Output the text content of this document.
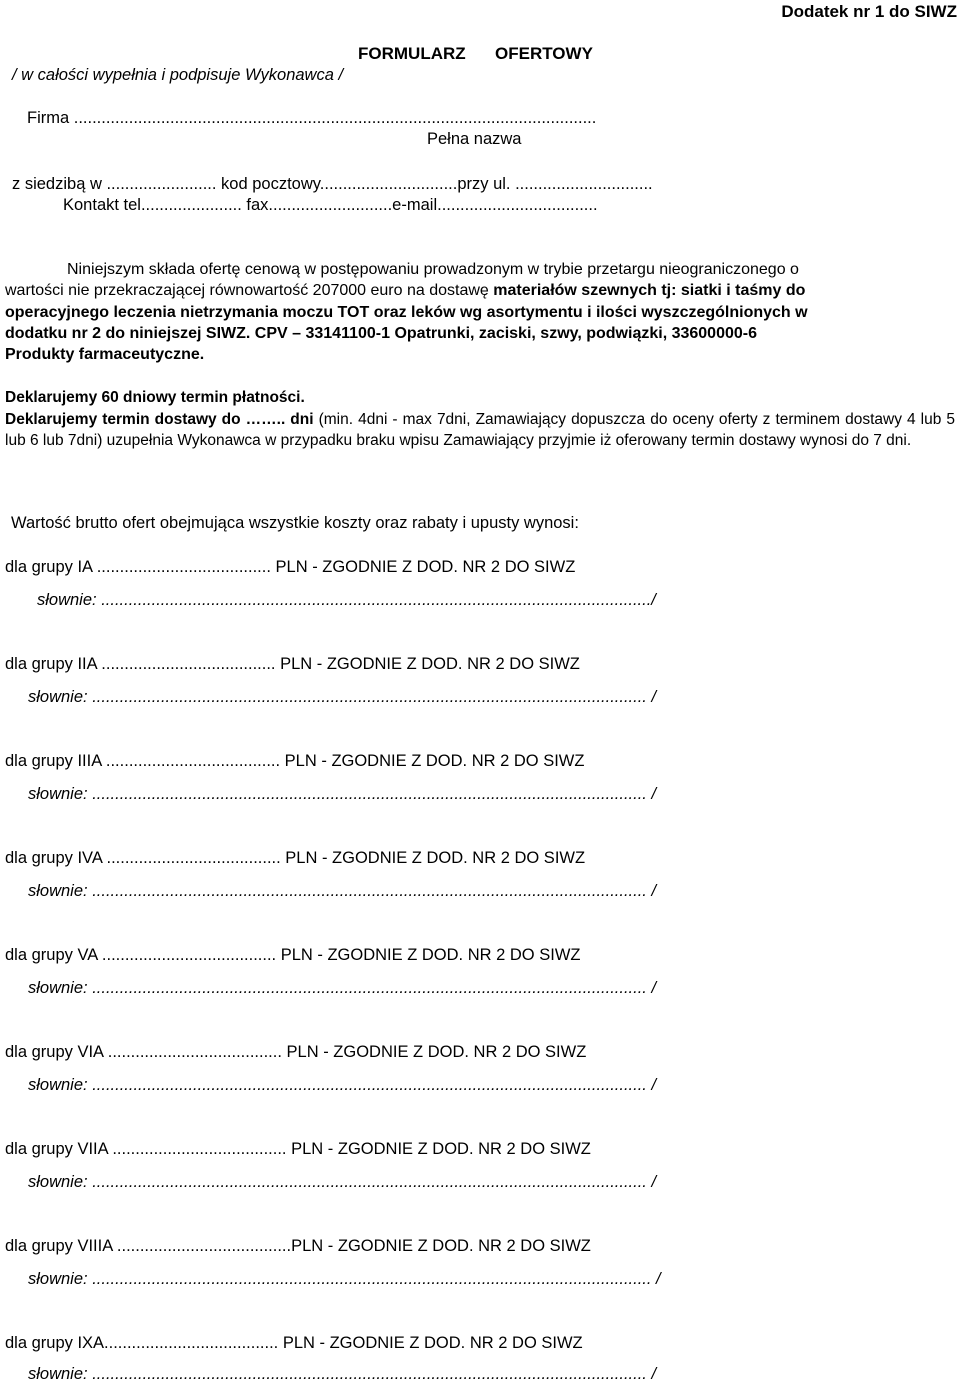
Dodatek nr 1 do SIWZ
FORMULARZ OFERTOWY
/ w całości wypełnia i podpisuje Wykonawca /
Firma ..................................................................................................................
Pełna nazwa
z siedzibą w ........................ kod pocztowy..............................przy ul. ..............................
Kontakt tel...................... fax...........................e-mail...................................
Niniejszym składa ofertę cenową w postępowaniu prowadzonym w trybie przetargu nieograniczonego o
wartości nie przekraczającej równowartość 207000 euro na dostawę materiałów szewnych tj: siatki i taśmy do
operacyjnego leczenia nietrzymania moczu TOT oraz leków wg asortymentu i ilości wyszczególnionych w
dodatku nr 2 do niniejszej SIWZ. CPV – 33141100-1 Opatrunki, zaciski, szwy, podwiązki, 33600000-6
Produkty farmaceutyczne.
Deklarujemy 60 dniowy termin płatności.
Deklarujemy termin dostawy do …….. dni (min. 4dni - max 7dni, Zamawiający dopuszcza do oceny oferty z terminem dostawy 4 lub 5 lub 6 lub 7dni) uzupełnia Wykonawca w przypadku braku wpisu Zamawiający przyjmie iż oferowany termin dostawy wynosi do 7 dni.
Wartość brutto ofert obejmująca wszystkie koszty oraz rabaty i upusty wynosi:
dla grupy IA ...................................... PLN - ZGODNIE Z DOD. NR 2 DO SIWZ
słownie: ......................................................................................................................../
dla grupy IIA ...................................... PLN - ZGODNIE Z DOD. NR 2 DO SIWZ
słownie: ......................................................................................................................... /
dla grupy IIIA ...................................... PLN - ZGODNIE Z DOD. NR 2 DO SIWZ
słownie: ......................................................................................................................... /
dla grupy IVA ...................................... PLN - ZGODNIE Z DOD. NR 2 DO SIWZ
słownie: ......................................................................................................................... /
dla grupy VA ...................................... PLN - ZGODNIE Z DOD. NR 2 DO SIWZ
słownie: ......................................................................................................................... /
dla grupy VIA ...................................... PLN - ZGODNIE Z DOD. NR 2 DO SIWZ
słownie: ......................................................................................................................... /
dla grupy VIIA ...................................... PLN - ZGODNIE Z DOD. NR 2 DO SIWZ
słownie: ......................................................................................................................... /
dla grupy VIIIA ......................................PLN - ZGODNIE Z DOD. NR 2 DO SIWZ
słownie: .......................................................................................................................... /
dla grupy IXA...................................... PLN - ZGODNIE Z DOD. NR 2 DO SIWZ
słownie: ......................................................................................................................... /
